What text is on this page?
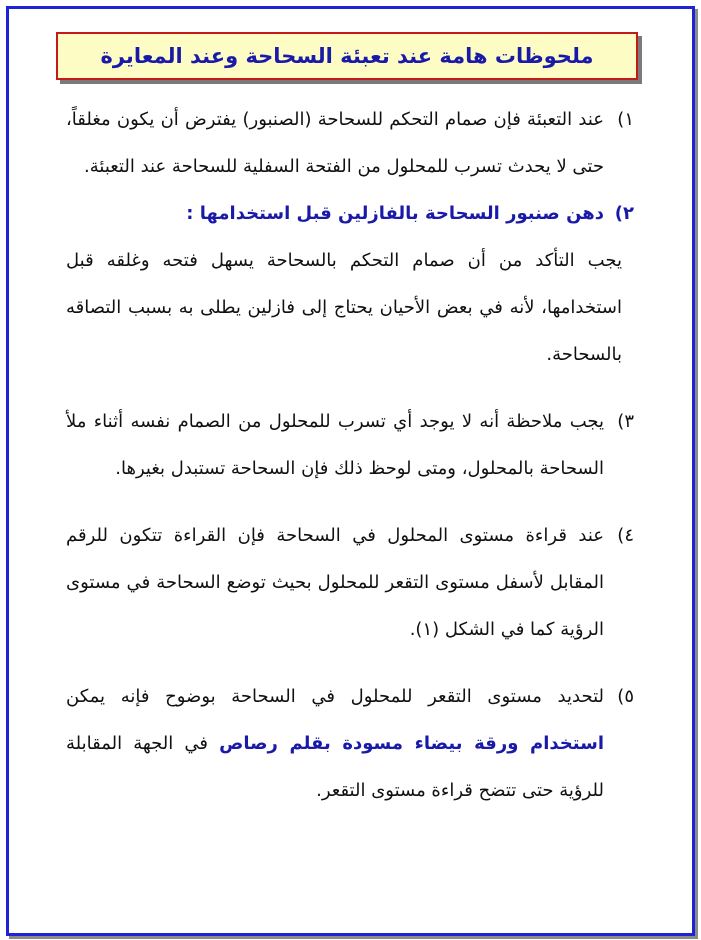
ملحوظات هامة عند تعبئة السحاحة وعند المعايرة

١)
عند التعبئة فإن صمام التحكم للسحاحة (الصنبور) يفترض أن يكون مغلقاً، حتى لا يحدث تسرب للمحلول من الفتحة السفلية للسحاحة عند التعبئة.

٢)
دهن صنبور السحاحة بالفازلين قبل استخدامها :

يجب التأكد من أن صمام التحكم بالسحاحة يسهل فتحه وغلقه قبل استخدامها، لأنه في بعض الأحيان يحتاج إلى فازلين يطلى به بسبب التصاقه بالسحاحة.

٣)
يجب ملاحظة أنه لا يوجد أي تسرب للمحلول من الصمام نفسه أثناء ملأ السحاحة بالمحلول، ومتى لوحظ ذلك فإن السحاحة تستبدل بغيرها.

٤)
عند قراءة مستوى المحلول في السحاحة فإن القراءة تتكون للرقم المقابل لأسفل مستوى التقعر للمحلول بحيث توضع السحاحة في مستوى الرؤية كما في الشكل (١).

٥)
لتحديد مستوى التقعر للمحلول في السحاحة بوضوح فإنه يمكن استخدام ورقة بيضاء مسودة بقلم رصاص في الجهة المقابلة للرؤية حتى تتضح قراءة مستوى التقعر.
